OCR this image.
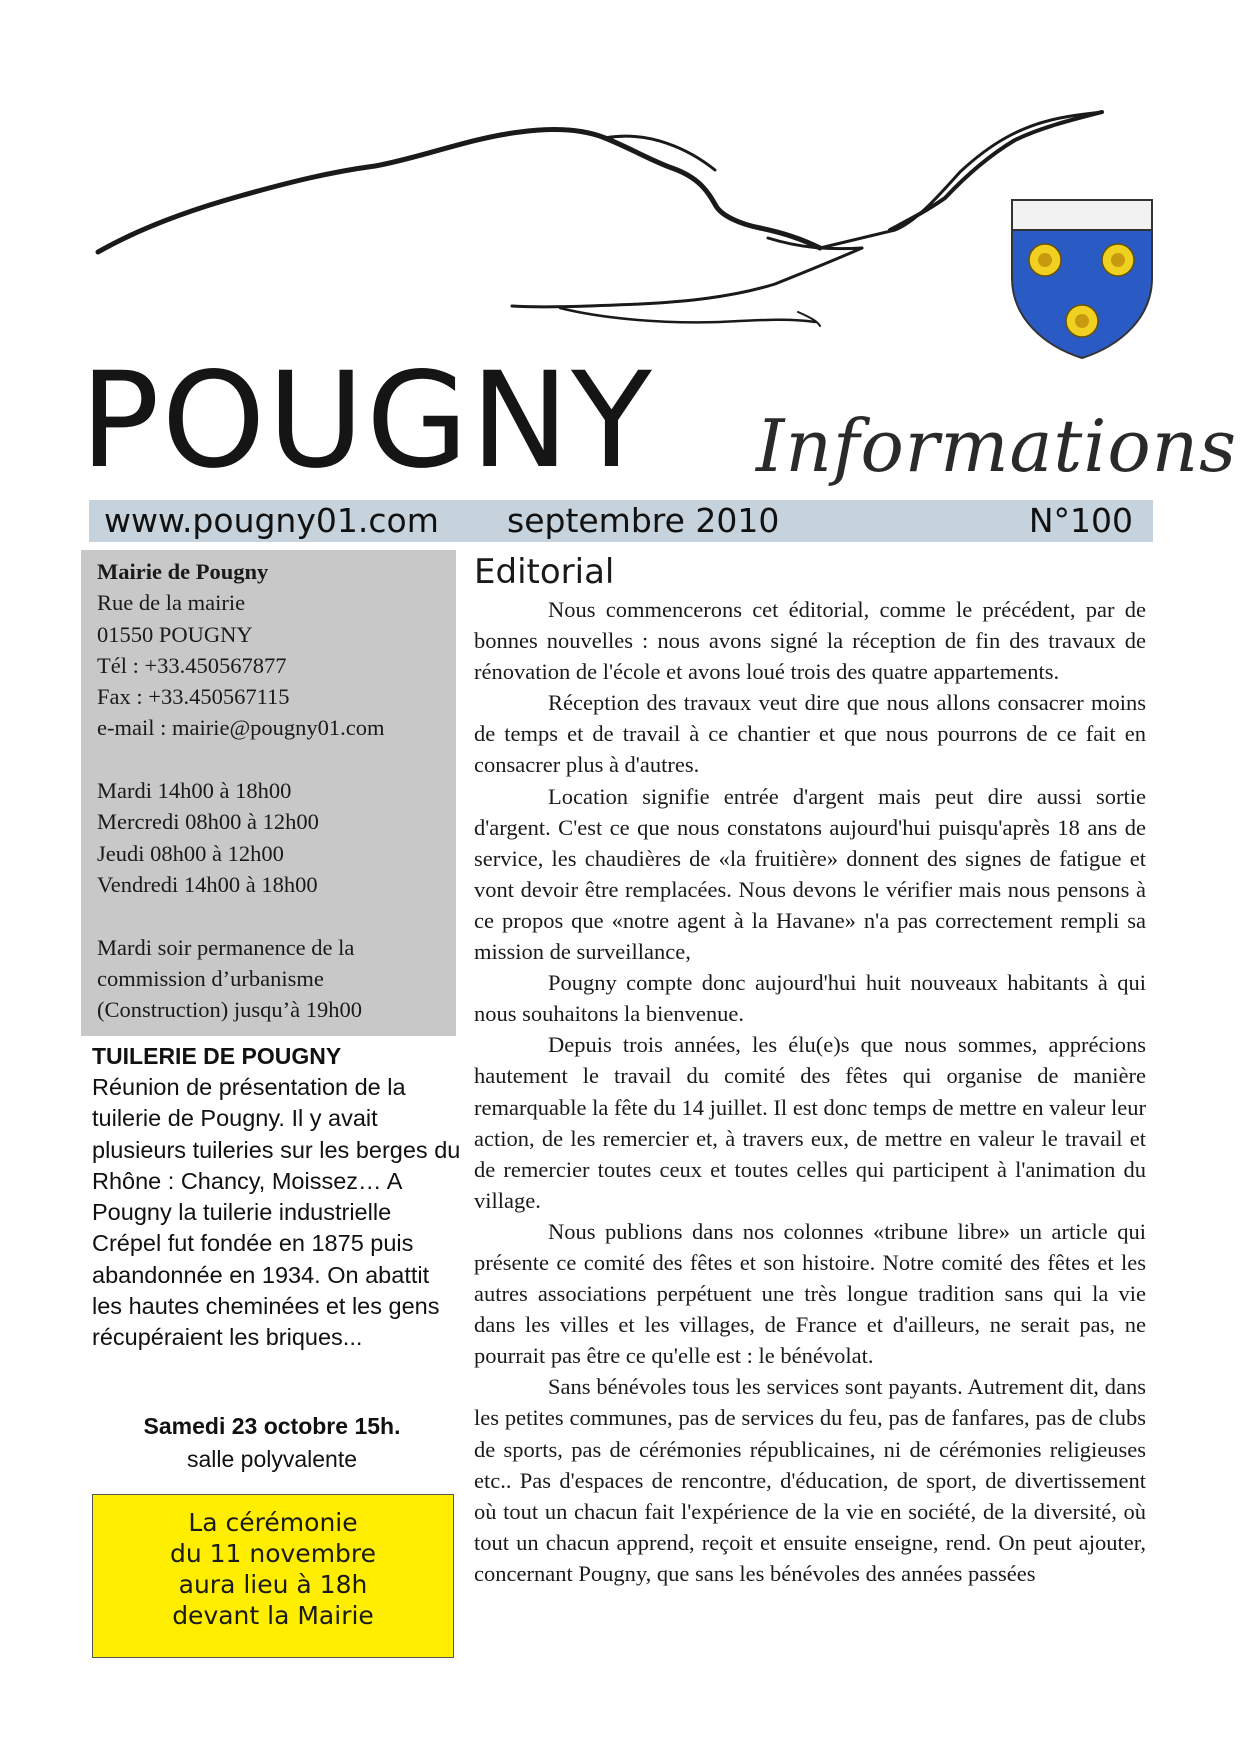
POUGNY Informations
www.pougny01.com septembre 2010	N°100
Mairie de Pougny
Rue de la mairie
01550 POUGNY
Tél : +33.450567877
Fax : +33.450567115
e-mail : mairie@pougny01.com
Mardi 14h00 à 18h00
Mercredi 08h00 à 12h00
Jeudi 08h00 à 12h00
Vendredi 14h00 à 18h00
Mardi soir permanence de la
commission d’urbanisme
(Construction) jusqu’à 19h00
TUILERIE DE POUGNY
Réunion de présentation de la tuilerie de Pougny. Il y avait plusieurs tuileries sur les berges du Rhône : Chancy, Moissez… A Pougny la tuilerie industrielle Crépel fut fondée en 1875 puis abandonnée en 1934. On abattit les hautes cheminées et les gens récupéraient les briques...
Samedi 23 octobre 15h.
salle polyvalente
La cérémonie
du 11 novembre
aura lieu à 18h
devant la Mairie
Editorial

Nous commencerons cet éditorial, comme le précédent, par de bonnes nouvelles : nous avons signé la réception de fin des travaux de rénovation de l'école et avons loué trois des quatre appartements.

Réception des travaux veut dire que nous allons consacrer moins de temps et de travail à ce chantier et que nous pourrons de ce fait en consacrer plus à d'autres.

Location signifie entrée d'argent mais peut dire aussi sortie d'argent. C'est ce que nous constatons aujourd'hui puisqu'après 18 ans de service, les chaudières de «la fruitière» donnent des signes de fatigue et vont devoir être remplacées. Nous devons le vérifier mais nous pensons à ce propos que «notre agent à la Havane» n'a pas correctement rempli sa mission de surveillance,

Pougny compte donc aujourd'hui huit nouveaux habitants à qui nous souhaitons la bienvenue.

Depuis trois années, les élu(e)s que nous sommes, apprécions hautement le travail du comité des fêtes qui organise de manière remarquable la fête du 14 juillet. Il est donc temps de mettre en valeur leur action, de les remercier et, à travers eux, de mettre en valeur le travail et de remercier toutes ceux et toutes celles qui participent à l'animation du village.

Nous publions dans nos colonnes «tribune libre» un article qui présente ce comité des fêtes et son histoire. Notre comité des fêtes et les autres associations perpétuent une très longue tradition sans qui la vie dans les villes et les villages, de France et d'ailleurs, ne serait pas, ne pourrait pas être ce qu'elle est : le bénévolat.

Sans bénévoles tous les services sont payants. Autrement dit, dans les petites communes, pas de services du feu, pas de fanfares, pas de clubs de sports, pas de cérémonies républicaines, ni de cérémonies religieuses etc.. Pas d'espaces de rencontre, d'éducation, de sport, de divertissement où tout un chacun fait l'expérience de la vie en société, de la diversité, où tout un chacun apprend, reçoit et ensuite enseigne, rend. On peut ajouter, concernant Pougny, que sans les bénévoles des années passées
